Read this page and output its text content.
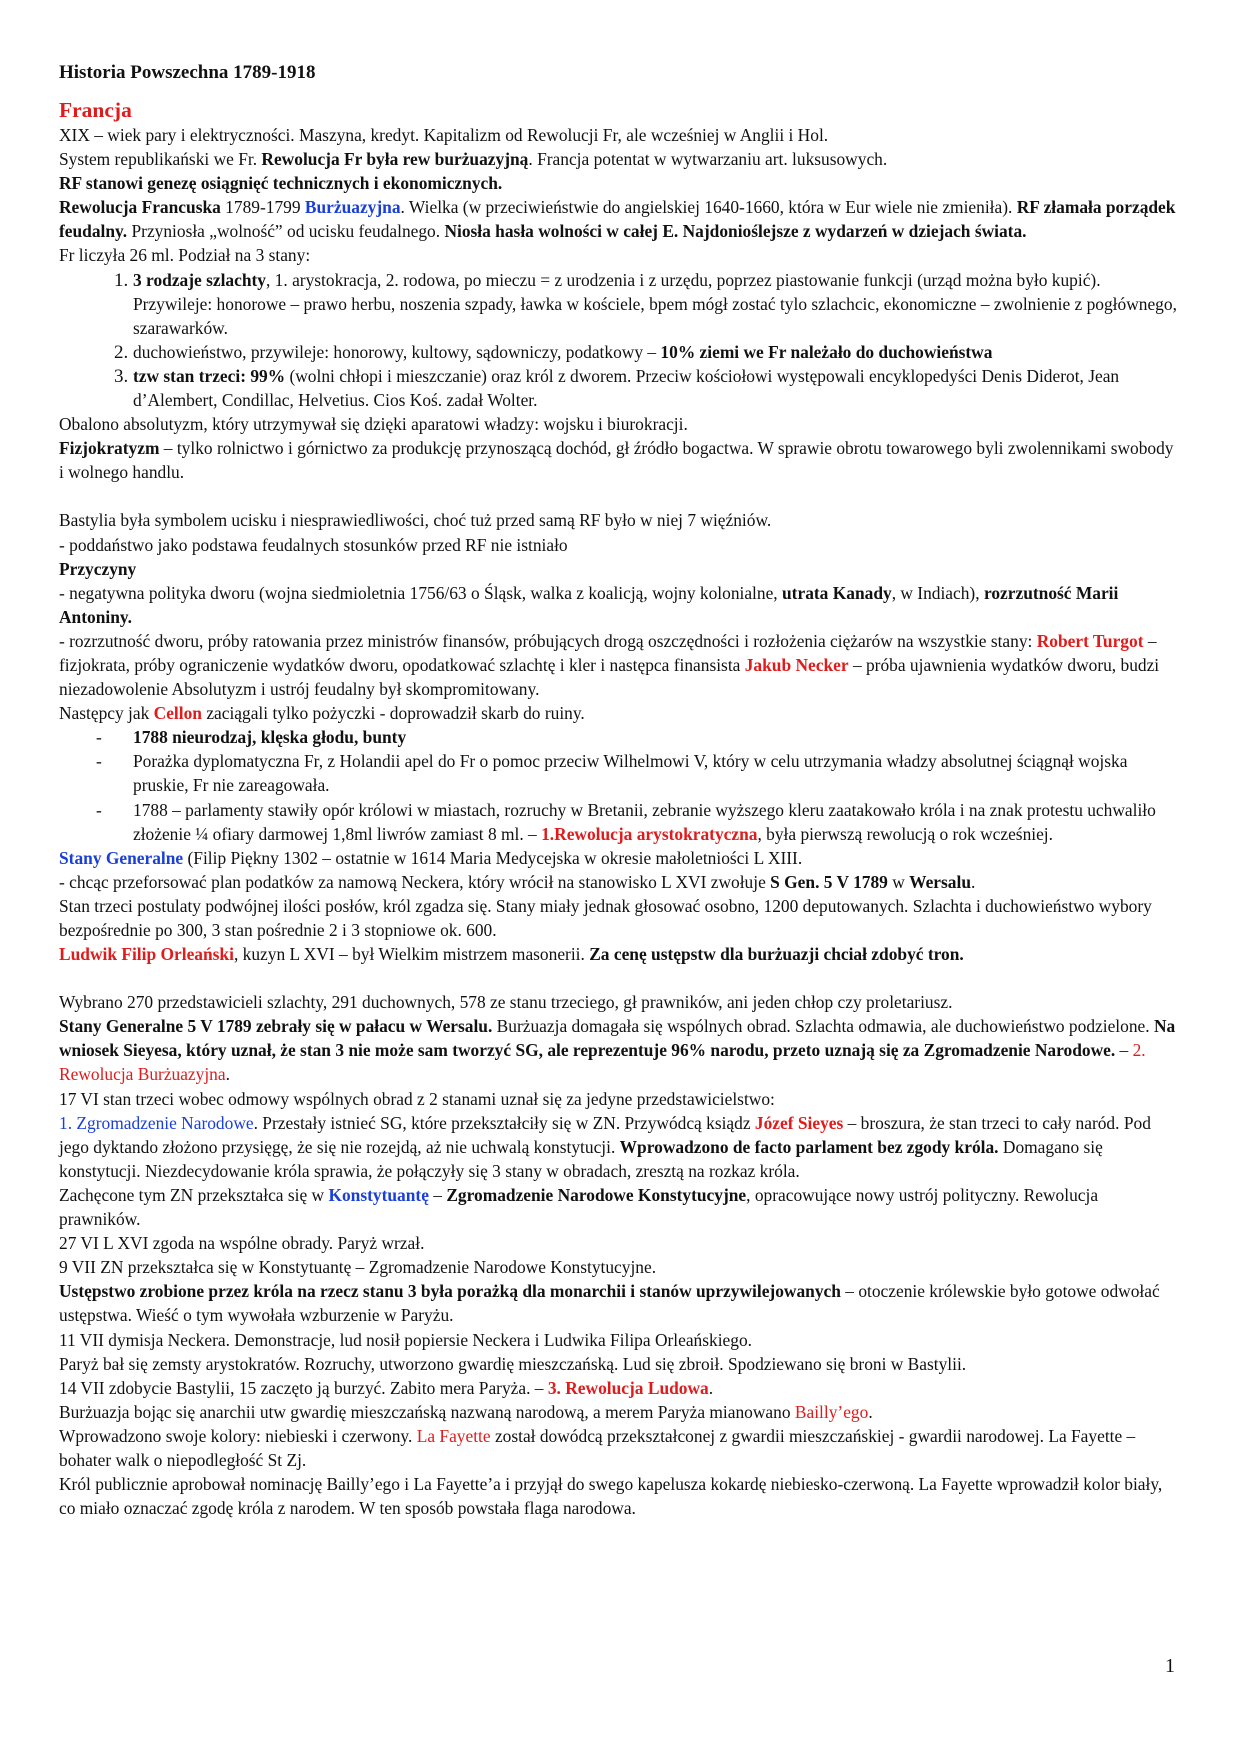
Historia Powszechna 1789-1918

Francja

XIX – wiek pary i elektryczności. Maszyna, kredyt. Kapitalizm od Rewolucji Fr, ale wcześniej w Anglii i Hol.

System republikański we Fr. Rewolucja Fr była rew burżuazyjną. Francja potentat w wytwarzaniu art. luksusowych.

RF stanowi genezę osiągnięć technicznych i ekonomicznych.

Rewolucja Francuska 1789-1799 Burżuazyjna. Wielka (w przeciwieństwie do angielskiej 1640-1660, która w Eur wiele nie zmieniła). RF złamała porządek feudalny. Przyniosła „wolność” od ucisku feudalnego. Niosła hasła wolności w całej E. Najdonioślejsze z wydarzeń w dziejach świata.

Fr liczyła 26 ml. Podział na 3 stany:

1. 3 rodzaje szlachty, 1. arystokracja, 2. rodowa, po mieczu = z urodzenia i z urzędu, poprzez piastowanie funkcji (urząd można było kupić). Przywileje: honorowe – prawo herbu, noszenia szpady, ławka w kościele, bpem mógł zostać tylo szlachcic, ekonomiczne – zwolnienie z pogłównego, szarawarków.
2. duchowieństwo, przywileje: honorowy, kultowy, sądowniczy, podatkowy – 10% ziemi we Fr należało do duchowieństwa
3. tzw stan trzeci: 99% (wolni chłopi i mieszczanie) oraz król z dworem. Przeciw kościołowi występowali encyklopedyści Denis Diderot, Jean d’Alembert, Condillac, Helvetius. Cios Koś. zadał Wolter.

Obalono absolutyzm, który utrzymywał się dzięki aparatowi władzy: wojsku i biurokracji.

Fizjokratyzm – tylko rolnictwo i górnictwo za produkcję przynoszącą dochód, gł źródło bogactwa. W sprawie obrotu towarowego byli zwolennikami swobody i wolnego handlu.

Bastylia była symbolem ucisku i niesprawiedliwości, choć tuż przed samą RF było w niej 7 więźniów.

- poddaństwo jako podstawa feudalnych stosunków przed RF nie istniało

Przyczyny

- negatywna polityka dworu (wojna siedmioletnia 1756/63 o Śląsk, walka z koalicją, wojny kolonialne, utrata Kanady, w Indiach), rozrzutność Marii Antoniny.

- rozrzutność dworu, próby ratowania przez ministrów finansów, próbujących drogą oszczędności i rozłożenia ciężarów na wszystkie stany: Robert Turgot – fizjokrata, próby ograniczenie wydatków dworu, opodatkować szlachtę i kler i następca finansista Jakub Necker – próba ujawnienia wydatków dworu, budzi niezadowolenie Absolutyzm i ustrój feudalny był skompromitowany.

Następcy jak Cellon zaciągali tylko pożyczki - doprowadził skarb do ruiny.

- 1788 nieurodzaj, klęska głodu, bunty
- Porażka dyplomatyczna Fr, z Holandii apel do Fr o pomoc przeciw Wilhelmowi V, który w celu utrzymania władzy absolutnej ściągnął wojska pruskie, Fr nie zareagowała.
- 1788 – parlamenty stawiły opór królowi w miastach, rozruchy w Bretanii, zebranie wyższego kleru zaatakowało króla i na znak protestu uchwaliło złożenie ¼ ofiary darmowej 1,8ml liwrów zamiast 8 ml. – 1.Rewolucja arystokratyczna, była pierwszą rewolucją o rok wcześniej.

Stany Generalne (Filip Piękny 1302 – ostatnie w 1614 Maria Medycejska w okresie małoletniości L XIII.

- chcąc przeforsować plan podatków za namową Neckera, który wrócił na stanowisko L XVI zwołuje S Gen. 5 V 1789 w Wersalu.

Stan trzeci postulaty podwójnej ilości posłów, król zgadza się. Stany miały jednak głosować osobno, 1200 deputowanych. Szlachta i duchowieństwo wybory bezpośrednie po 300, 3 stan pośrednie 2 i 3 stopniowe ok. 600.

Ludwik Filip Orleański, kuzyn L XVI – był Wielkim mistrzem masonerii. Za cenę ustępstw dla burżuazji chciał zdobyć tron.

Wybrano 270 przedstawicieli szlachty, 291 duchownych, 578 ze stanu trzeciego, gł prawników, ani jeden chłop czy proletariusz.

Stany Generalne 5 V 1789 zebrały się w pałacu w Wersalu. Burżuazja domagała się wspólnych obrad. Szlachta odmawia, ale duchowieństwo podzielone. Na wniosek Sieyesa, który uznał, że stan 3 nie może sam tworzyć SG, ale reprezentuje 96% narodu, przeto uznają się za Zgromadzenie Narodowe. – 2. Rewolucja Burżuazyjna.

17 VI stan trzeci wobec odmowy wspólnych obrad z 2 stanami uznał się za jedyne przedstawicielstwo:

1. Zgromadzenie Narodowe. Przestały istnieć SG, które przekształciły się w ZN. Przywódcą ksiądz Józef Sieyes – broszura, że stan trzeci to cały naród. Pod jego dyktando złożono przysięgę, że się nie rozejdą, aż nie uchwalą konstytucji. Wprowadzono de facto parlament bez zgody króla. Domagano się konstytucji. Niezdecydowanie króla sprawia, że połączyły się 3 stany w obradach, zresztą na rozkaz króla.

Zachęcone tym ZN przekształca się w Konstytuantę – Zgromadzenie Narodowe Konstytucyjne, opracowujące nowy ustrój polityczny. Rewolucja prawników.

27 VI L XVI zgoda na wspólne obrady. Paryż wrzał.

9 VII ZN przekształca się w Konstytuantę – Zgromadzenie Narodowe Konstytucyjne.

Ustępstwo zrobione przez króla na rzecz stanu 3 była porażką dla monarchii i stanów uprzywilejowanych – otoczenie królewskie było gotowe odwołać ustępstwa. Wieść o tym wywołała wzburzenie w Paryżu.

11 VII dymisja Neckera. Demonstracje, lud nosił popiersie Neckera i Ludwika Filipa Orleańskiego.

Paryż bał się zemsty arystokratów. Rozruchy, utworzono gwardię mieszczańską. Lud się zbroił. Spodziewano się broni w Bastylii.

14 VII zdobycie Bastylii, 15 zaczęto ją burzyć. Zabito mera Paryża. – 3. Rewolucja Ludowa.

Burżuazja bojąc się anarchii utw gwardię mieszczańską nazwaną narodową, a merem Paryża mianowano Bailly’ego.

Wprowadzono swoje kolory: niebieski i czerwony. La Fayette został dowódcą przekształconej z gwardii mieszczańskiej - gwardii narodowej. La Fayette – bohater walk o niepodległość St Zj.

Król publicznie aprobował nominację Bailly’ego i La Fayette’a i przyjął do swego kapelusza kokardę niebiesko-czerwoną. La Fayette wprowadził kolor biały, co miało oznaczać zgodę króla z narodem. W ten sposób powstała flaga narodowa.

1
